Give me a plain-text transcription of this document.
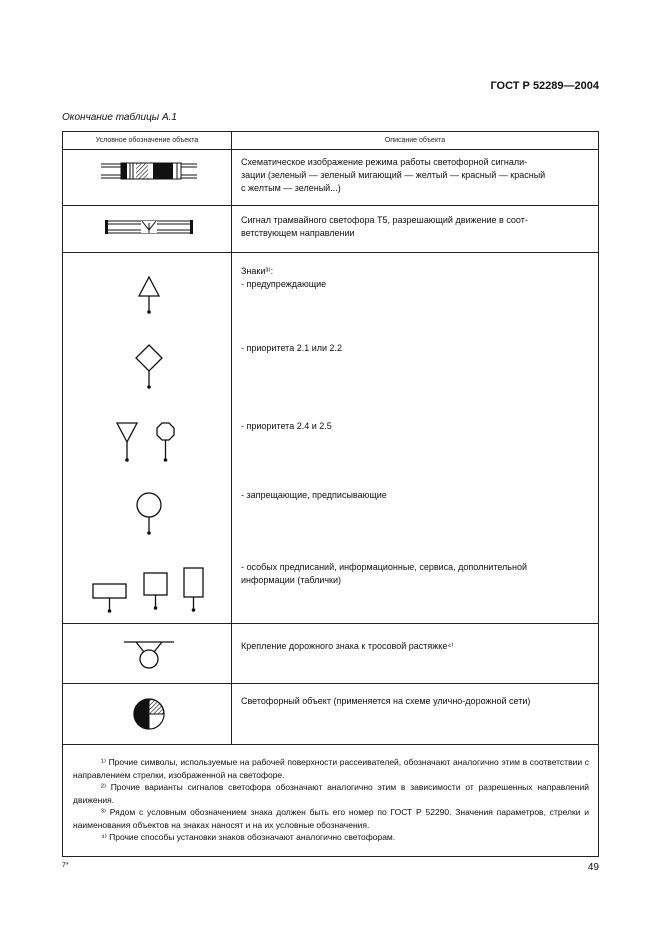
ГОСТ Р 52289—2004
Окончание таблицы А.1
Условное обозначение объекта	Описание объекта
Схематическое изображение режима работы светофорной сигнали-
зации (зеленый — зеленый мигающий — желтый — красный — красный
с желтым — зеленый...)
Сигнал трамвайного светофора Т5, разрешающий движение в соот-
ветствующем направлении
Знаки³⁾:
- предупреждающие
- приоритета 2.1 или 2.2
- приоритета 2.4 и 2.5
- запрещающие, предписывающие
- особых предписаний, информационные, сервиса, дополнительной
информации (таблички)
Крепление дорожного знака к тросовой растяжке⁴⁾
Светофорный объект (применяется на схеме улично-дорожной сети)

¹⁾ Прочие символы, используемые на рабочей поверхности рассеивателей, обозначают аналогично этим в соответствии с направлением стрелки, изображенной на светофоре.

²⁾ Прочие варианты сигналов светофора обозначают аналогично этим в зависимости от разрешенных направлений движения.

³⁾ Рядом с условным обозначением знака должен быть его номер по ГОСТ Р 52290. Значения параметров, стрелки и наименования объектов на знаках наносят и на их условные обозначения.

⁴⁾ Прочие способы установки знаков обозначают аналогично светофорам.

7*	49
